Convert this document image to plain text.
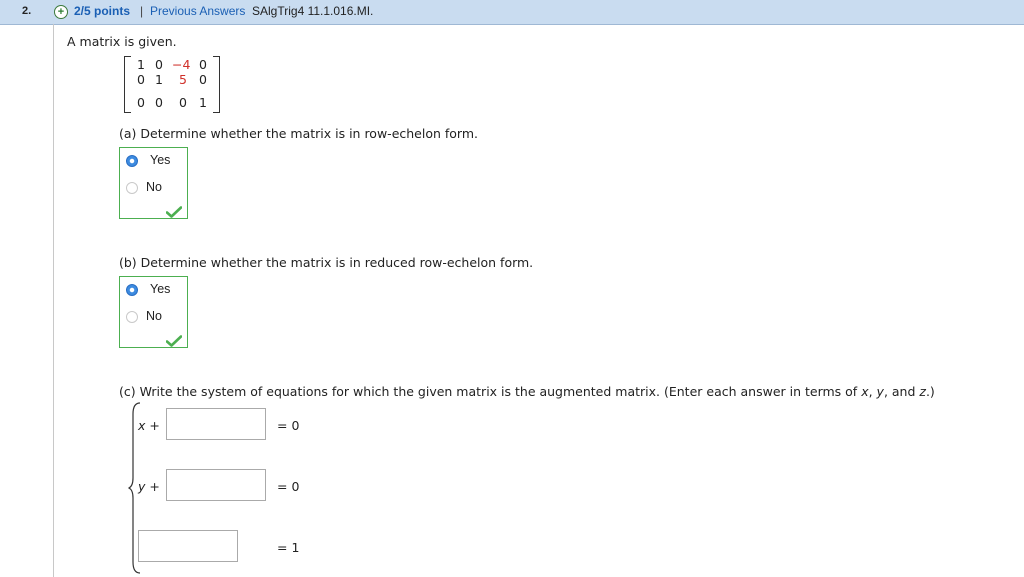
2.	+ 2/5 points | Previous Answers SAlgTrig4 11.1.016.MI.
A matrix is given.
1 0 −4 0
0 1 5 0
0 0 0 1
(a) Determine whether the matrix is in row-echelon form.
Yes
No
(b) Determine whether the matrix is in reduced row-echelon form.
Yes
No
(c) Write the system of equations for which the given matrix is the augmented matrix. (Enter each answer in terms of x, y, and z.)
x +	= 0
y +	= 0
= 1
